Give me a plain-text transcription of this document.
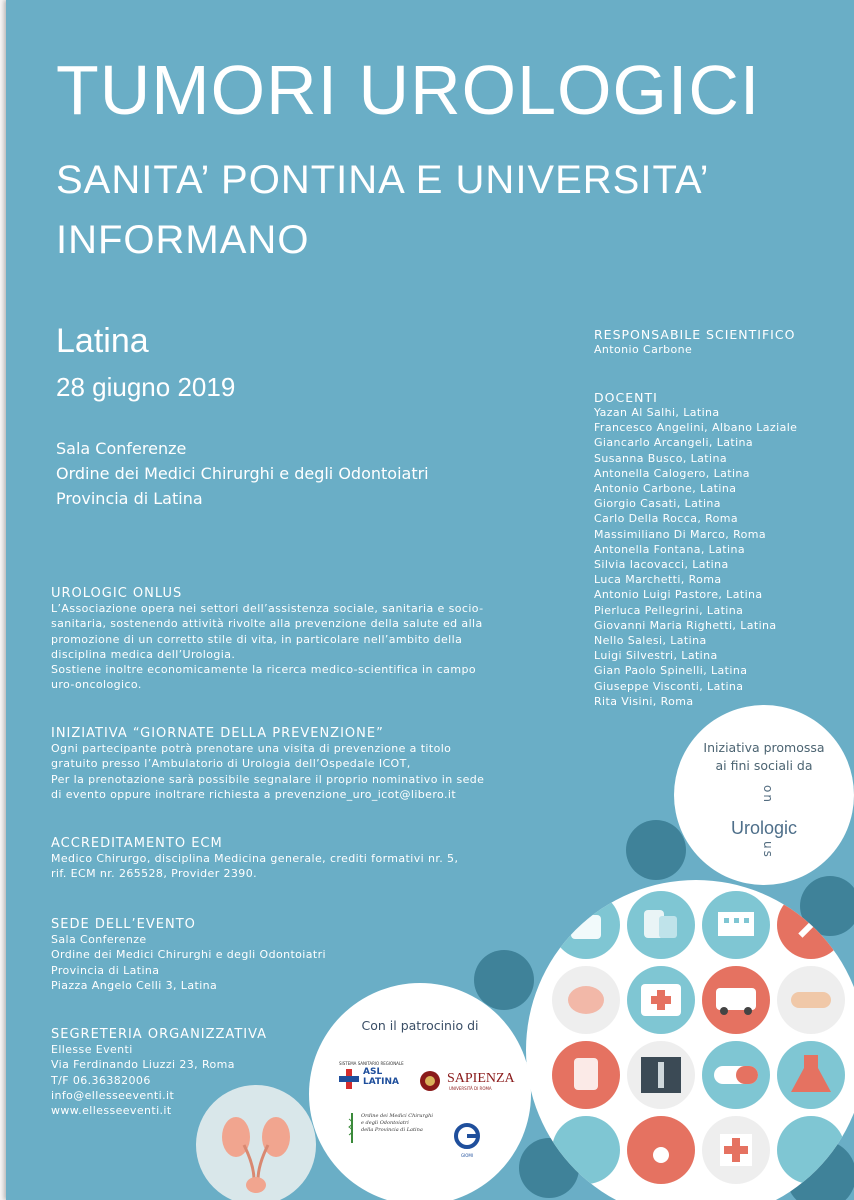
TUMORI UROLOGICI
SANITA’ PONTINA E UNIVERSITA’
INFORMANO
Latina
28 giugno 2019
Sala Conferenze
Ordine dei Medici Chirurghi e degli Odontoiatri
Provincia di Latina
UROLOGIC ONLUS
L’Associazione opera nei settori dell’assistenza sociale, sanitaria e socio-
sanitaria, sostenendo attività rivolte alla prevenzione della salute ed alla
promozione di un corretto stile di vita, in particolare nell’ambito della
disciplina medica dell’Urologia.
Sostiene inoltre economicamente la ricerca medico-scientifica in campo
uro-oncologico.
INIZIATIVA “GIORNATE DELLA PREVENZIONE”
Ogni partecipante potrà prenotare una visita di prevenzione a titolo
gratuito presso l’Ambulatorio di Urologia dell’Ospedale ICOT,
Per la prenotazione sarà possibile segnalare il proprio nominativo in sede
di evento oppure inoltrare richiesta a prevenzione_uro_icot@libero.it
ACCREDITAMENTO ECM
Medico Chirurgo, disciplina Medicina generale, crediti formativi nr. 5,
rif. ECM nr. 265528, Provider 2390.
SEDE DELL’EVENTO
Sala Conferenze
Ordine dei Medici Chirurghi e degli Odontoiatri
Provincia di Latina
Piazza Angelo Celli 3, Latina
SEGRETERIA ORGANIZZATIVA
Ellesse Eventi
Via Ferdinando Liuzzi 23, Roma
T/F 06.36382006
info@ellesseeventi.it
www.ellesseeventi.it
RESPONSABILE SCIENTIFICO
Antonio Carbone
DOCENTI
Yazan Al Salhi, Latina
Francesco Angelini, Albano Laziale
Giancarlo Arcangeli, Latina
Susanna Busco, Latina
Antonella Calogero, Latina
Antonio Carbone, Latina
Giorgio Casati, Latina
Carlo Della Rocca, Roma
Massimiliano Di Marco, Roma
Antonella Fontana, Latina
Silvia Iacovacci, Latina
Luca Marchetti, Roma
Antonio Luigi Pastore, Latina
Pierluca Pellegrini, Latina
Giovanni Maria Righetti, Latina
Nello Salesi, Latina
Luigi Silvestri, Latina
Gian Paolo Spinelli, Latina
Giuseppe Visconti, Latina
Rita Visini, Roma
Iniziativa promossa
ai fini sociali da
on
Urologic
us
Con il patrocinio di
SISTEMA SANITARIO REGIONALE
ASL
LATINA	SAPIENZA
UNIVERSITÀ DI ROMA
Ordine dei Medici Chirurghi
e degli Odontoiatri
della Provincia di Latina
GIOMI
